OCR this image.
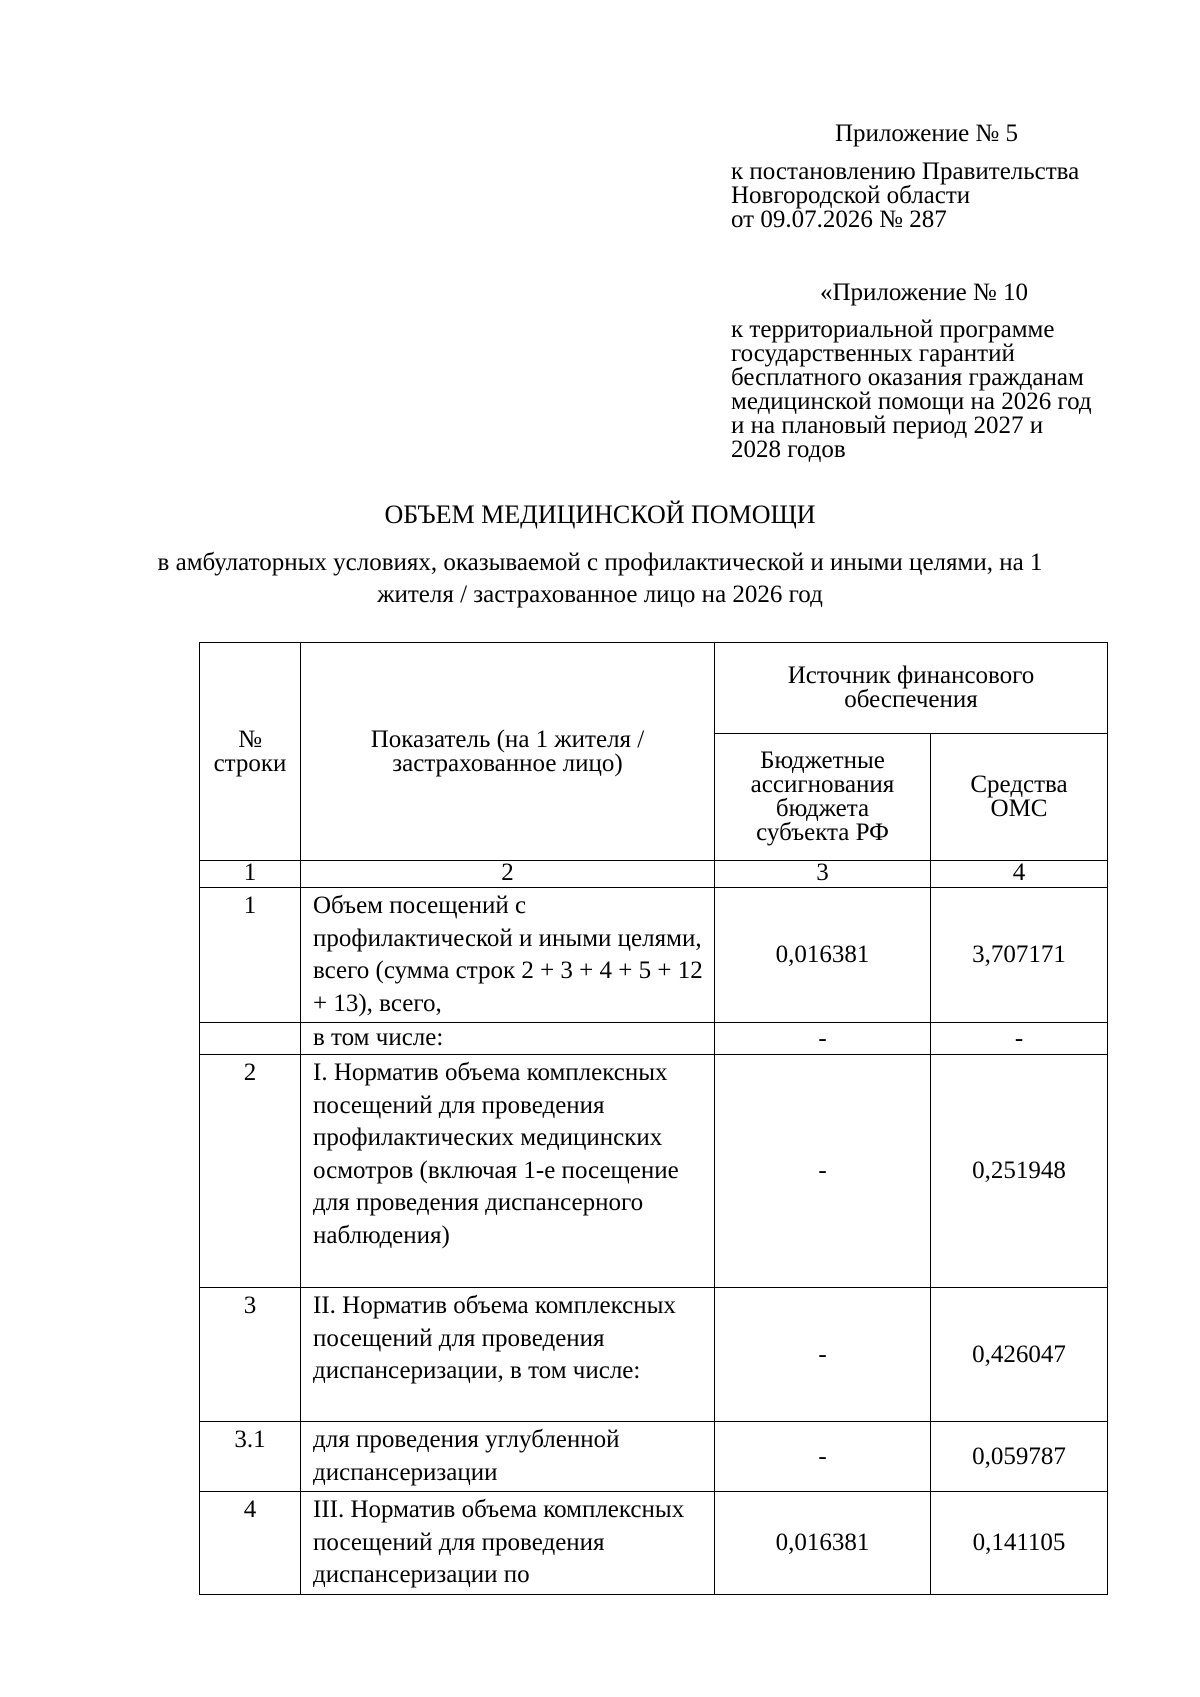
Приложение № 5
к постановлению Правительства
Новгородской области
от 09.07.2026 № 287
«Приложение № 10
к территориальной программе
государственных гарантий
бесплатного оказания гражданам
медицинской помощи на 2026 год
и на плановый период 2027 и
2028 годов
ОБЪЕМ МЕДИЦИНСКОЙ ПОМОЩИ
в амбулаторных условиях, оказываемой с профилактической и иными целями, на 1 жителя / застрахованное лицо на 2026 год
№ строки	Показатель (на 1 жителя / застрахованное лицо)	Источник финансового обеспечения	
		Бюджетные ассигнования бюджета субъекта РФ	Средства ОМС
1	2	3	4
1	Объем посещений с профилактической и иными целями, всего (сумма строк 2 + 3 + 4 + 5 + 12 + 13), всего,	0,016381	3,707171
	в том числе:	-	-
2	I. Норматив объема комплексных посещений для проведения профилактических медицинских осмотров (включая 1-е посещение для проведения диспансерного наблюдения)	-	0,251948
3	II. Норматив объема комплексных посещений для проведения диспансеризации, в том числе:	-	0,426047
3.1	для проведения углубленной диспансеризации	-	0,059787
4	III. Норматив объема комплексных посещений для проведения диспансеризации по	0,016381	0,141105
